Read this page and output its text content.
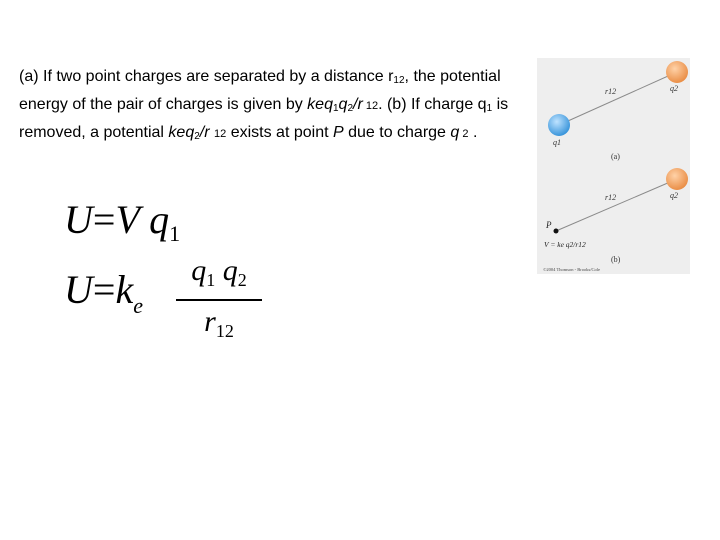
(a) If two point charges are separated by a distance $r_{12}$, the potential energy of the pair of charges is given by $keq_1q_2/r$ 12. (b) If charge $q_1$ is removed, a potential keq$_2$/r 12 exists at point P due to charge q 2 .
U=V $q_1$
$U=k_e$
$q_1$ $q_2$
$r_{12}$
r12	q2
q1
(a)
r12	q2
P
V = ke q2/r12
(b)
©2004 Thomson - Brooks/Cole
